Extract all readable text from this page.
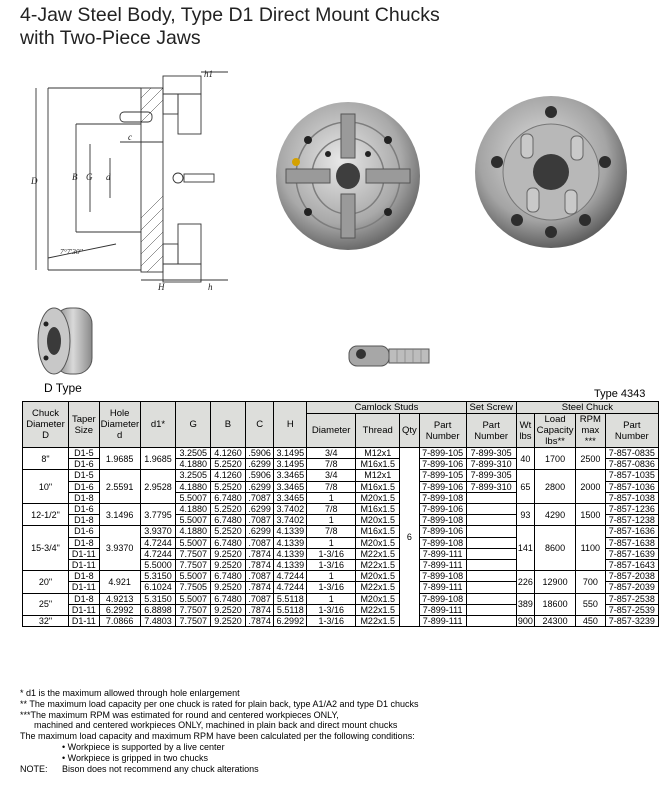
4-Jaw Steel Body, Type D1 Direct Mount Chucks
with Two-Piece Jaws
h1
c
B G d
D
H	h
7°7'30"
D Type	Type 4343
Chuck Diameter D	Taper Size	Hole Diameter d	d1*	G	B	C	H	Camlock Studs				Set Screw	Steel Chuck			
								Diameter	Thread	Qty	Part Number	Part Number	Wt lbs	Load Capacity lbs**	RPM max ***	Part Number
8"	D1-5	1.9685	1.9685	3.2505	4.1260	.5906	3.1495	3/4	M12x1	6	7-899-105	7-899-305	40	1700	2500	7-857-0835
	D1-6			4.1880	5.2520	.6299	3.1495	7/8	M16x1.5		7-899-106	7-899-310				7-857-0836
10"	D1-5	2.5591	2.9528	3.2505	4.1260	.5906	3.3465	3/4	M12x1		7-899-105	7-899-305	65	2800	2000	7-857-1035
	D1-6			4.1880	5.2520	.6299	3.3465	7/8	M16x1.5		7-899-106	7-899-310				7-857-1036
	D1-8			5.5007	6.7480	.7087	3.3465	1	M20x1.5		7-899-108					7-857-1038
12-1/2"	D1-6	3.1496	3.7795	4.1880	5.2520	.6299	3.7402	7/8	M16x1.5		7-899-106		93	4290	1500	7-857-1236
	D1-8			5.5007	6.7480	.7087	3.7402	1	M20x1.5		7-899-108					7-857-1238
15-3/4"	D1-6	3.9370	3.9370	4.1880	5.2520	.6299	4.1339	7/8	M16x1.5		7-899-106		141	8600	1100	7-857-1636
	D1-8		4.7244	5.5007	6.7480	.7087	4.1339	1	M20x1.5		7-899-108					7-857-1638
	D1-11		4.7244	7.7507	9.2520	.7874	4.1339	1-3/16	M22x1.5		7-899-111					7-857-1639
	D1-11		5.5000	7.7507	9.2520	.7874	4.1339	1-3/16	M22x1.5		7-899-111					7-857-1643
20"	D1-8	4.921	5.3150	5.5007	6.7480	.7087	4.7244	1	M20x1.5		7-899-108		226	12900	700	7-857-2038
	D1-11		6.1024	7.7505	9.2520	.7874	4.7244	1-3/16	M22x1.5		7-899-111					7-857-2039
25"	D1-8	4.9213	5.3150	5.5007	6.7480	.7087	5.5118	1	M20x1.5		7-899-108		389	18600	550	7-857-2538
	D1-11	6.2992	6.8898	7.7507	9.2520	.7874	5.5118	1-3/16	M22x1.5		7-899-111					7-857-2539
32"	D1-11	7.0866	7.4803	7.7507	9.2520	.7874	6.2992	1-3/16	M22x1.5		7-899-111		900	24300	450	7-857-3239
* d1 is the maximum allowed through hole enlargement
** The maximum load capacity per one chuck is rated for plain back, type A1/A2 and type D1 chucks
***The maximum RPM was estimated for round and centered workpieces ONLY,
machined and centered workpieces ONLY, machined in plain back and direct mount chucks
The maximum load capacity and maximum RPM have been calculated per the following conditions:
• Workpiece is supported by a live center
• Workpiece is gripped in two chucks
NOTE: Bison does not recommend any chuck alterations
